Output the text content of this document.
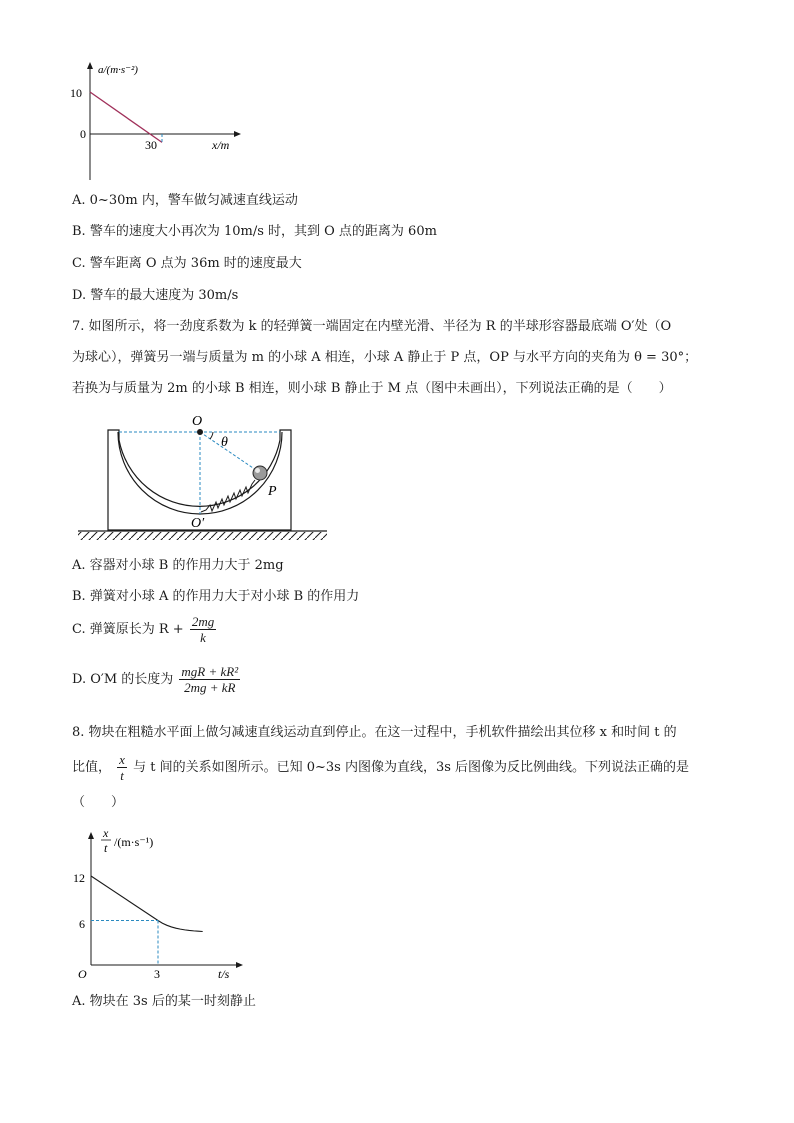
a/(m·s⁻²)
10
0
30	x/m
A. 0~30m 内，警车做匀减速直线运动
B. 警车的速度大小再次为 10m/s 时，其到 O 点的距离为 60m
C. 警车距离 O 点为 36m 时的速度最大
D. 警车的最大速度为 30m/s
7. 如图所示，将一劲度系数为 k 的轻弹簧一端固定在内壁光滑、半径为 R 的半球形容器最底端 O′处（O
为球心），弹簧另一端与质量为 m 的小球 A 相连，小球 A 静止于 P 点，OP 与水平方向的夹角为 θ = 30°；
若换为与质量为 2m 的小球 B 相连，则小球 B 静止于 M 点（图中未画出），下列说法正确的是（　　）
O
θ
P
O′
A. 容器对小球 B 的作用力大于 2mg
B. 弹簧对小球 A 的作用力大于对小球 B 的作用力
C. 弹簧原长为 $R + \frac{2mg}{k}$
D. O′M 的长度为 $\frac{\text{mgR + kR²}}{2mg + kR}$
8. 物块在粗糙水平面上做匀减速直线运动直到停止。在这一过程中，手机软件描绘出其位移 x 和时间 t 的
比值， $\frac{x}{t}$ 与 t 间的关系如图所示。已知 0~3s 内图像为直线，3s 后图像为反比例曲线。下列说法正确的是
（　　）
x
t /(m·s⁻¹)
12
6
O	3	t/s
A. 物块在 3s 后的某一时刻静止
